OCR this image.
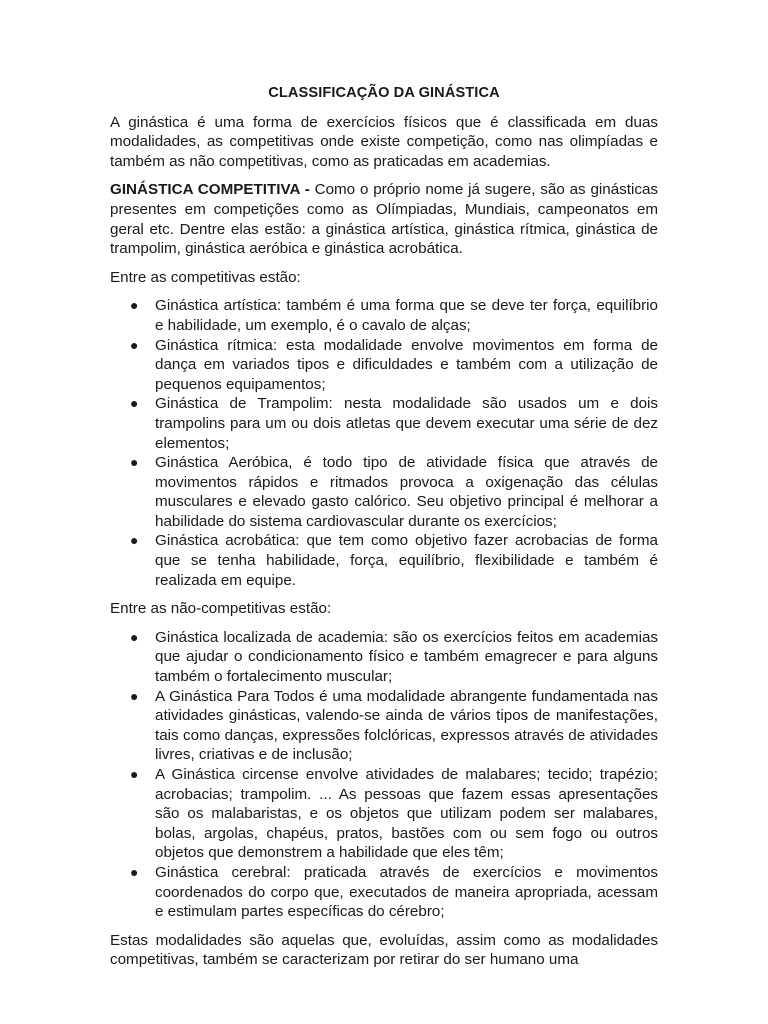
CLASSIFICAÇÃO DA GINÁSTICA

A ginástica é uma forma de exercícios físicos que é classificada em duas modalidades, as competitivas onde existe competição, como nas olimpíadas e também as não competitivas, como as praticadas em academias.

GINÁSTICA COMPETITIVA - Como o próprio nome já sugere, são as ginásticas presentes em competições como as Olímpiadas, Mundiais, campeonatos em geral etc. Dentre elas estão: a ginástica artística, ginástica rítmica, ginástica de trampolim, ginástica aeróbica e ginástica acrobática.

Entre as competitivas estão:

● Ginástica artística: também é uma forma que se deve ter força, equilíbrio e habilidade, um exemplo, é o cavalo de alças;
● Ginástica rítmica: esta modalidade envolve movimentos em forma de dança em variados tipos e dificuldades e também com a utilização de pequenos equipamentos;
● Ginástica de Trampolim: nesta modalidade são usados um e dois trampolins para um ou dois atletas que devem executar uma série de dez elementos;
● Ginástica Aeróbica, é todo tipo de atividade física que através de movimentos rápidos e ritmados provoca a oxigenação das células musculares e elevado gasto calórico. Seu objetivo principal é melhorar a habilidade do sistema cardiovascular durante os exercícios;
● Ginástica acrobática: que tem como objetivo fazer acrobacias de forma que se tenha habilidade, força, equilíbrio, flexibilidade e também é realizada em equipe.

Entre as não-competitivas estão:

● Ginástica localizada de academia: são os exercícios feitos em academias que ajudar o condicionamento físico e também emagrecer e para alguns também o fortalecimento muscular;
● A Ginástica Para Todos é uma modalidade abrangente fundamentada nas atividades ginásticas, valendo-se ainda de vários tipos de manifestações, tais como danças, expressões folclóricas, expressos através de atividades livres, criativas e de inclusão;
● A Ginástica circense envolve atividades de malabares; tecido; trapézio; acrobacias; trampolim. ... As pessoas que fazem essas apresentações são os malabaristas, e os objetos que utilizam podem ser malabares, bolas, argolas, chapéus, pratos, bastões com ou sem fogo ou outros objetos que demonstrem a habilidade que eles têm;
● Ginástica cerebral: praticada através de exercícios e movimentos coordenados do corpo que, executados de maneira apropriada, acessam e estimulam partes específicas do cérebro;

Estas modalidades são aquelas que, evoluídas, assim como as modalidades competitivas, também se caracterizam por retirar do ser humano uma
